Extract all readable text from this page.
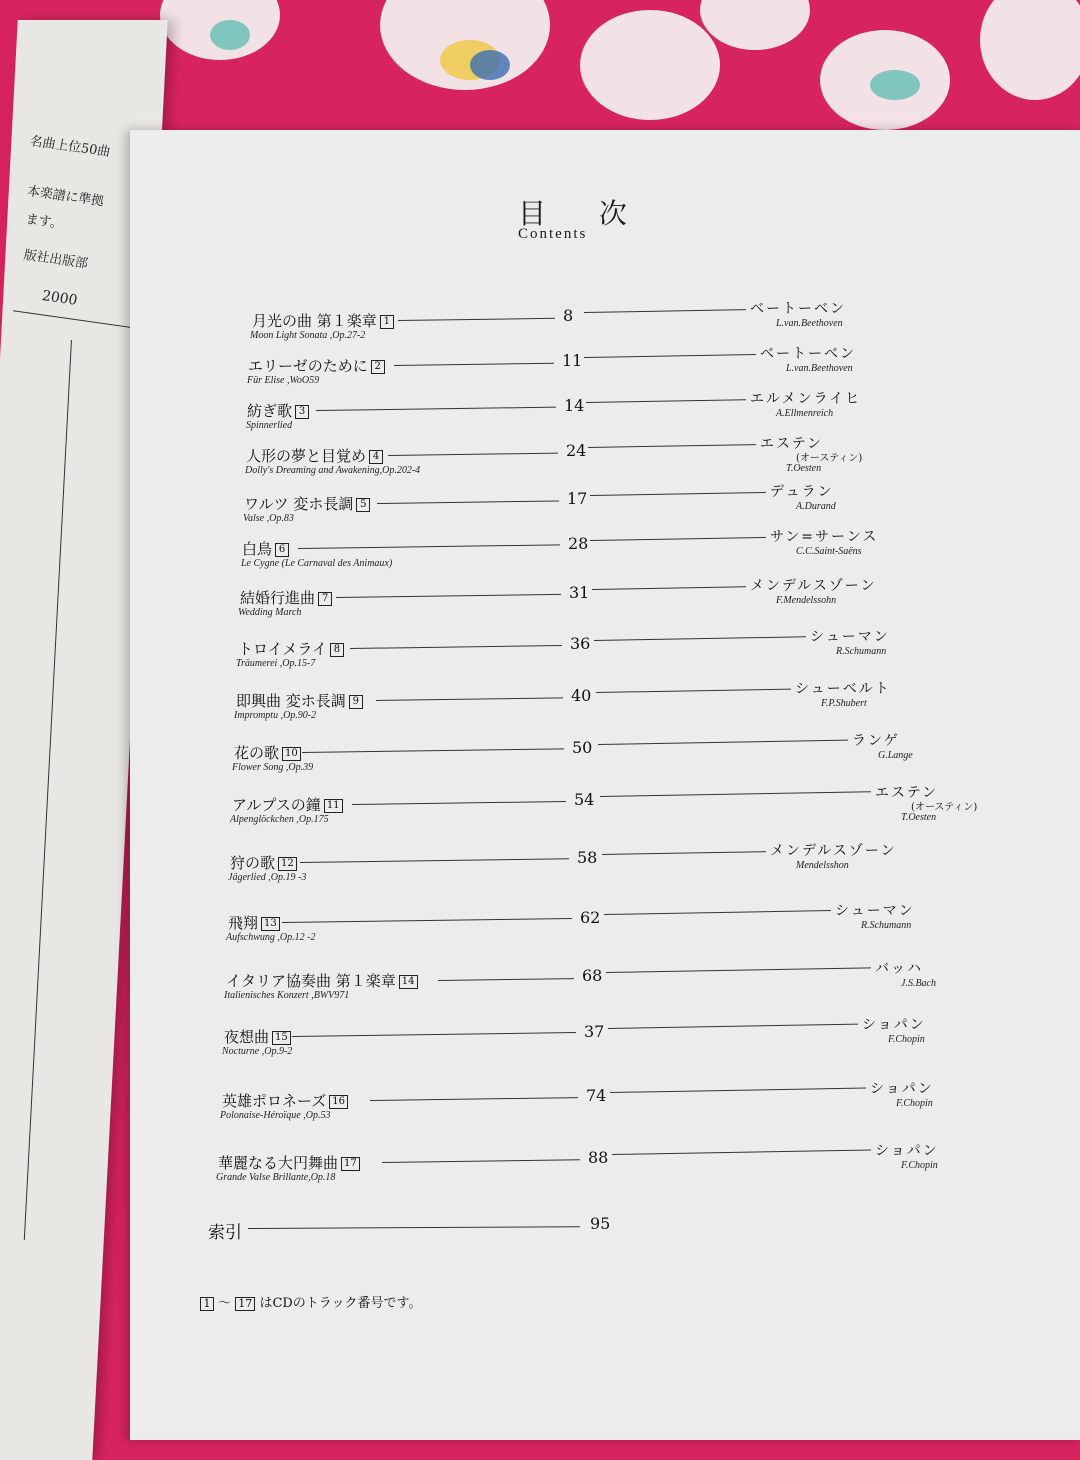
名曲上位50曲
本楽譜に準拠
ます。
版社出版部
2000
目 次
Contents
月光の曲 第１楽章 1
Moon Light Sonata ,Op.27-2
8	ベートーベン
L.van.Beethoven
エリーゼのために 2
Für Elise ,WoO59
11	ベートーベン
L.van.Beethoven
紡ぎ歌 3
Spinnerlied
14	エルメンライヒ
A.Ellmenreich
人形の夢と目覚め 4
Dolly's Dreaming and Awakening,Op.202-4
24	エステン
(オースティン)
T.Oesten
ワルツ 変ホ長調 5
Valse ,Op.83
17	デュラン
A.Durand
白鳥 6
Le Cygne (Le Carnaval des Animaux)
28	サン=サーンス
C.C.Saint-Saëns
結婚行進曲 7
Wedding March
31	メンデルスゾーン
F.Mendelssohn
トロイメライ 8
Träumerei ,Op.15-7
36	シューマン
R.Schumann
即興曲 変ホ長調 9
Impromptu ,Op.90-2
40	シューベルト
F.P.Shubert
花の歌 10
Flower Song ,Op.39
50	ランゲ
G.Lange
アルプスの鐘 11
Alpenglöckchen ,Op.175
54	エステン
(オースティン)
T.Oesten
狩の歌 12
Jägerlied ,Op.19 -3
58	メンデルスゾーン
Mendelsshon
飛翔 13
Aufschwung ,Op.12 -2
62	シューマン
R.Schumann
イタリア協奏曲 第１楽章 14
Italienisches Konzert ,BWV971
68	バッハ
J.S.Bach
夜想曲 15
Nocturne ,Op.9-2
37	ショパン
F.Chopin
英雄ポロネーズ 16
Polonaise-Héroïque ,Op.53
74	ショパン
F.Chopin
華麗なる大円舞曲 17
Grande Valse Brillante,Op.18
88	ショパン
F.Chopin
索引	95
1 〜 17 はCDのトラック番号です。
